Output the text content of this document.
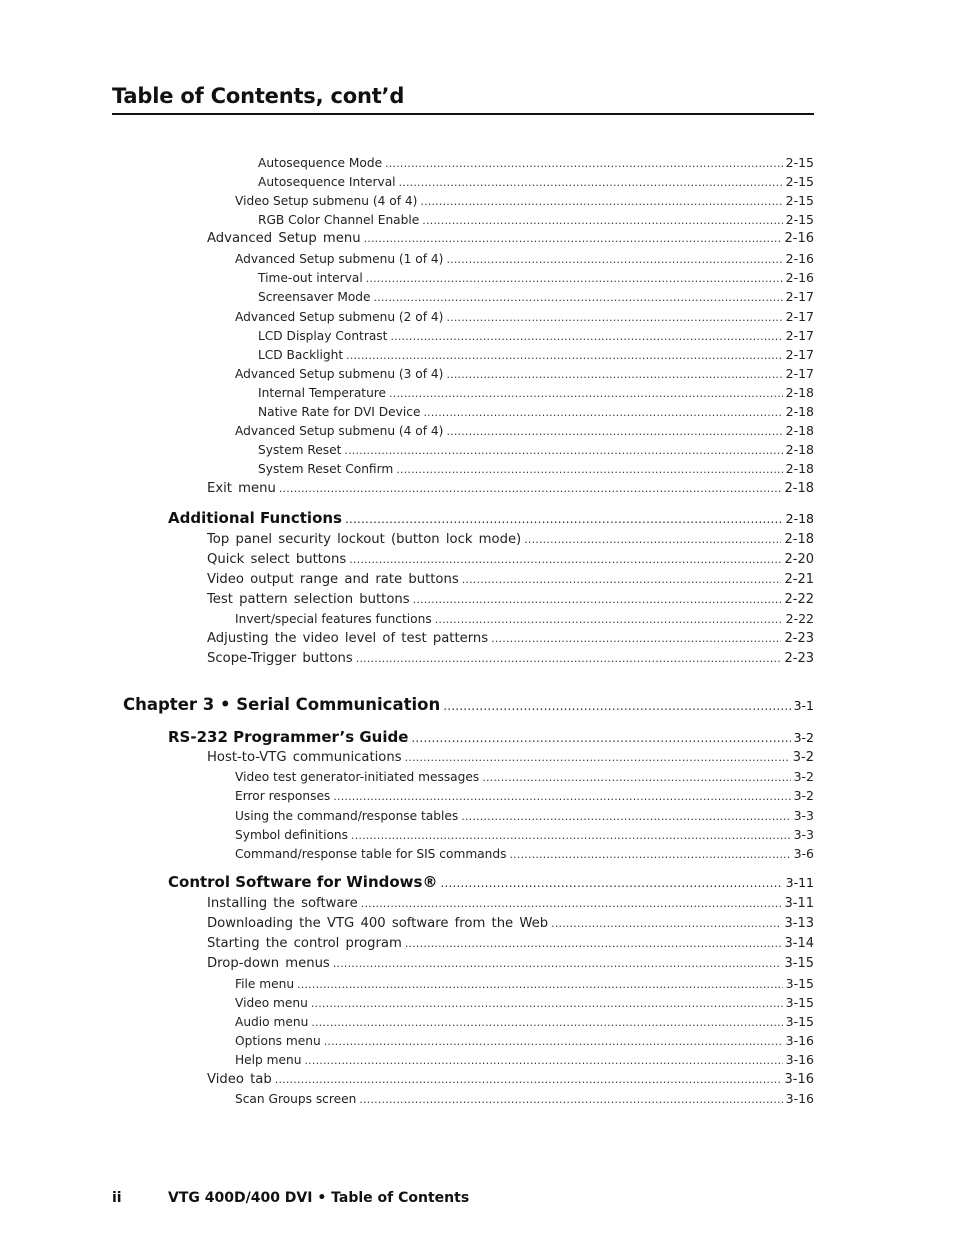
Table of Contents, cont’d
Autosequence Mode .....	2-15
Autosequence Interval .....	2-15
Video Setup submenu (4 of 4) .....	2-15
RGB Color Channel Enable .....	2-15
Advanced Setup menu .....	2-16
Advanced Setup submenu (1 of 4) .....	2-16
Time-out interval .....	2-16
Screensaver Mode .....	2-17
Advanced Setup submenu (2 of 4) .....	2-17
LCD Display Contrast .....	2-17
LCD Backlight .....	2-17
Advanced Setup submenu (3 of 4) .....	2-17
Internal Temperature .....	2-18
Native Rate for DVI Device .....	2-18
Advanced Setup submenu (4 of 4) .....	2-18
System Reset .....	2-18
System Reset Confirm .....	2-18
Exit menu .....	2-18
Additional Functions .....	2-18
Top panel security lockout (button lock mode) .....	2-18
Quick select buttons .....	2-20
Video output range and rate buttons .....	2-21
Test pattern selection buttons .....	2-22
Invert/special features functions .....	2-22
Adjusting the video level of test patterns .....	2-23
Scope-Trigger buttons .....	2-23
Chapter 3 • Serial Communication .....	3-1
RS-232 Programmer’s Guide .....	3-2
Host-to-VTG communications .....	3-2
Video test generator-initiated messages .....	3-2
Error responses .....	3-2
Using the command/response tables .....	3-3
Symbol definitions .....	3-3
Command/response table for SIS commands .....	3-6
Control Software for Windows® .....	3-11
Installing the software .....	3-11
Downloading the VTG 400 software from the Web .....	3-13
Starting the control program .....	3-14
Drop-down menus .....	3-15
File menu .....	3-15
Video menu .....	3-15
Audio menu .....	3-15
Options menu .....	3-16
Help menu .....	3-16
Video tab .....	3-16
Scan Groups screen .....	3-16
ii	VTG 400D/400 DVI • Table of Contents
